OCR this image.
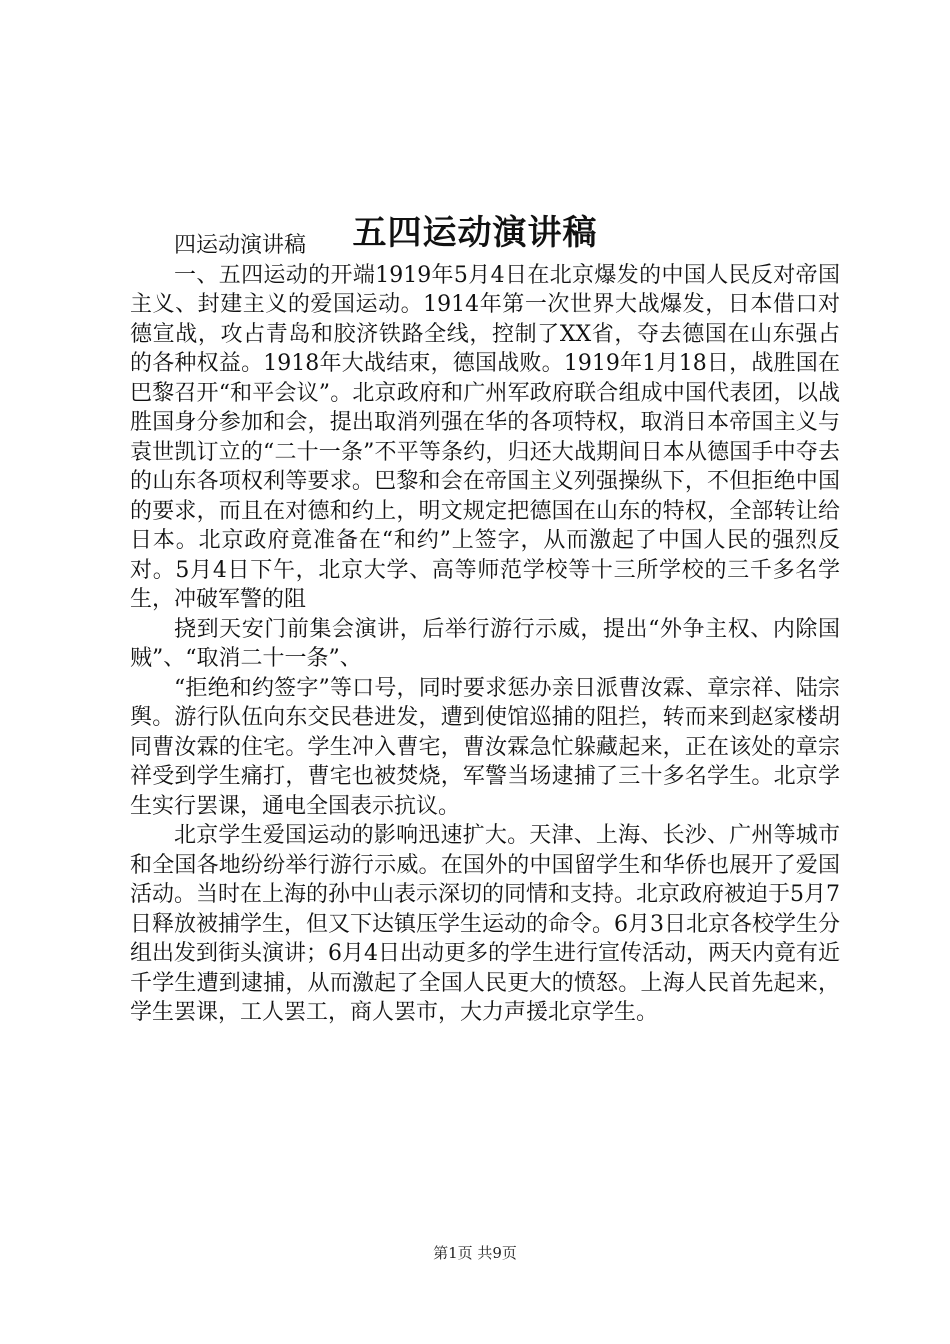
五四运动演讲稿

四运动演讲稿

一、五四运动的开端1919年5月4日在北京爆发的中国人民反对帝国主义、封建主义的爱国运动。1914年第一次世界大战爆发，日本借口对德宣战，攻占青岛和胶济铁路全线，控制了XX省，夺去德国在山东强占的各种权益。1918年大战结束，德国战败。1919年1月18日，战胜国在巴黎召开“和平会议”。北京政府和广州军政府联合组成中国代表团，以战胜国身分参加和会，提出取消列强在华的各项特权，取消日本帝国主义与袁世凯订立的“二十一条”不平等条约，归还大战期间日本从德国手中夺去的山东各项权利等要求。巴黎和会在帝国主义列强操纵下，不但拒绝中国的要求，而且在对德和约上，明文规定把德国在山东的特权，全部转让给日本。北京政府竟准备在“和约”上签字，从而激起了中国人民的强烈反对。5月4日下午，北京大学、高等师范学校等十三所学校的三千多名学生，冲破军警的阻

挠到天安门前集会演讲，后举行游行示威，提出“外争主权、内除国贼”、“取消二十一条”、

“拒绝和约签字”等口号，同时要求惩办亲日派曹汝霖、章宗祥、陆宗舆。游行队伍向东交民巷进发，遭到使馆巡捕的阻拦，转而来到赵家楼胡同曹汝霖的住宅。学生冲入曹宅，曹汝霖急忙躲藏起来，正在该处的章宗祥受到学生痛打，曹宅也被焚烧，军警当场逮捕了三十多名学生。北京学生实行罢课，通电全国表示抗议。

北京学生爱国运动的影响迅速扩大。天津、上海、长沙、广州等城市和全国各地纷纷举行游行示威。在国外的中国留学生和华侨也展开了爱国活动。当时在上海的孙中山表示深切的同情和支持。北京政府被迫于5月7日释放被捕学生，但又下达镇压学生运动的命令。6月3日北京各校学生分组出发到街头演讲；6月4日出动更多的学生进行宣传活动，两天内竟有近千学生遭到逮捕，从而激起了全国人民更大的愤怒。上海人民首先起来，学生罢课，工人罢工，商人罢市，大力声援北京学生。

第1页 共9页
